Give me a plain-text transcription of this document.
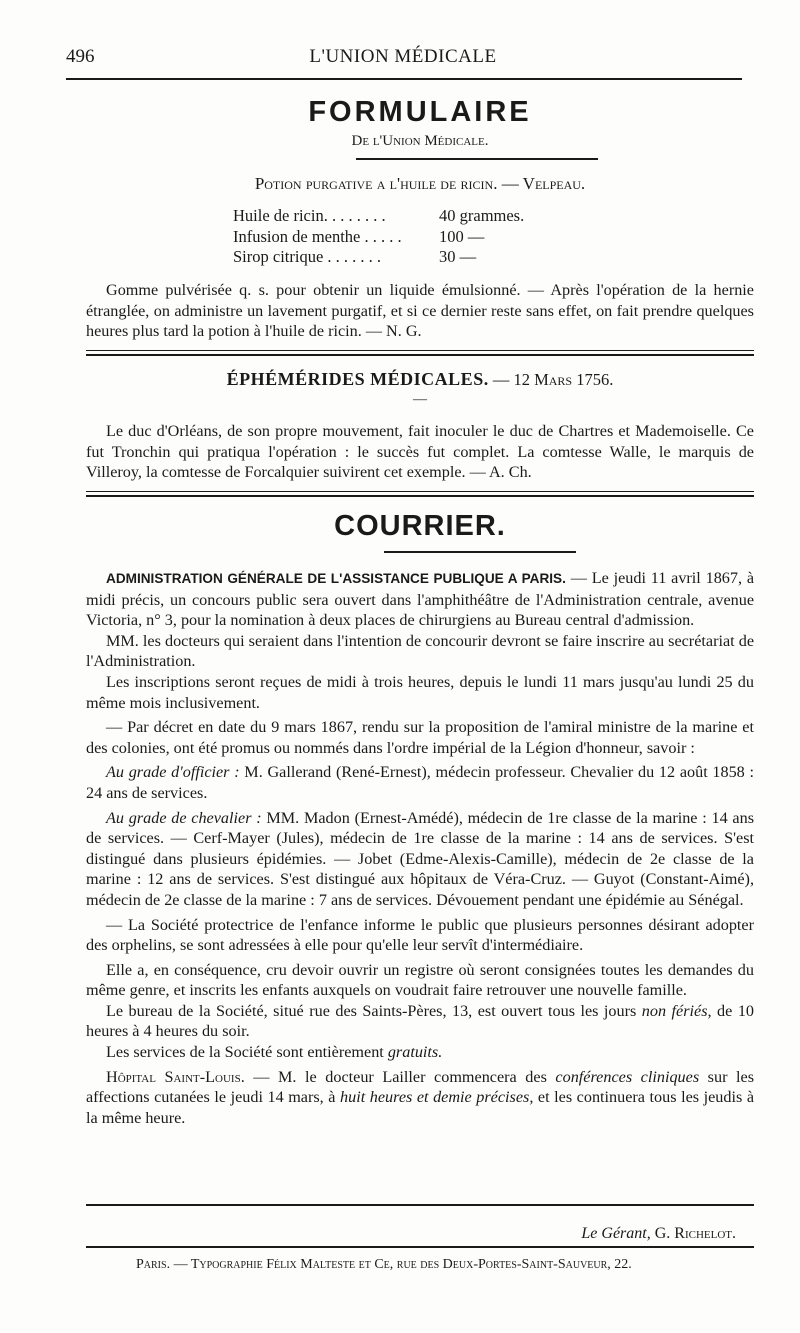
496	L'UNION MÉDICALE
FORMULAIRE
De l'Union Médicale.
Potion purgative a l'huile de ricin. — Velpeau.
Huile de ricin. . . . . . . .	40 grammes.
Infusion de menthe . . . . . 100 —
Sirop citrique . . . . . . .	30 —

Gomme pulvérisée q. s. pour obtenir un liquide émulsionné. — Après l'opération de la hernie étranglée, on administre un lavement purgatif, et si ce dernier reste sans effet, on fait prendre quelques heures plus tard la potion à l'huile de ricin. — N. G.

ÉPHÉMÉRIDES MÉDICALES. — 12 Mars 1756.
—

Le duc d'Orléans, de son propre mouvement, fait inoculer le duc de Chartres et Mademoiselle. Ce fut Tronchin qui pratiqua l'opération : le succès fut complet. La comtesse Walle, le marquis de Villeroy, la comtesse de Forcalquier suivirent cet exemple. — A. Ch.

COURRIER.

ADMINISTRATION GÉNÉRALE DE L'ASSISTANCE PUBLIQUE A PARIS. — Le jeudi 11 avril 1867, à midi précis, un concours public sera ouvert dans l'amphithéâtre de l'Administration centrale, avenue Victoria, n° 3, pour la nomination à deux places de chirurgiens au Bureau central d'admission.

MM. les docteurs qui seraient dans l'intention de concourir devront se faire inscrire au secrétariat de l'Administration.

Les inscriptions seront reçues de midi à trois heures, depuis le lundi 11 mars jusqu'au lundi 25 du même mois inclusivement.

— Par décret en date du 9 mars 1867, rendu sur la proposition de l'amiral ministre de la marine et des colonies, ont été promus ou nommés dans l'ordre impérial de la Légion d'honneur, savoir :

Au grade d'officier : M. Gallerand (René-Ernest), médecin professeur. Chevalier du 12 août 1858 : 24 ans de services.

Au grade de chevalier : MM. Madon (Ernest-Amédé), médecin de 1re classe de la marine : 14 ans de services. — Cerf-Mayer (Jules), médecin de 1re classe de la marine : 14 ans de services. S'est distingué dans plusieurs épidémies. — Jobet (Edme-Alexis-Camille), médecin de 2e classe de la marine : 12 ans de services. S'est distingué aux hôpitaux de Véra-Cruz. — Guyot (Constant-Aimé), médecin de 2e classe de la marine : 7 ans de services. Dévouement pendant une épidémie au Sénégal.

— La Société protectrice de l'enfance informe le public que plusieurs personnes désirant adopter des orphelins, se sont adressées à elle pour qu'elle leur servît d'intermédiaire.

Elle a, en conséquence, cru devoir ouvrir un registre où seront consignées toutes les demandes du même genre, et inscrits les enfants auxquels on voudrait faire retrouver une nouvelle famille.

Le bureau de la Société, situé rue des Saints-Pères, 13, est ouvert tous les jours non fériés, de 10 heures à 4 heures du soir.

Les services de la Société sont entièrement gratuits.

Hôpital Saint-Louis. — M. le docteur Lailler commencera des conférences cliniques sur les affections cutanées le jeudi 14 mars, à huit heures et demie précises, et les continuera tous les jeudis à la même heure.

Le Gérant, G. Richelot.
Paris. — Typographie Félix Malteste et Ce, rue des Deux-Portes-Saint-Sauveur, 22.
